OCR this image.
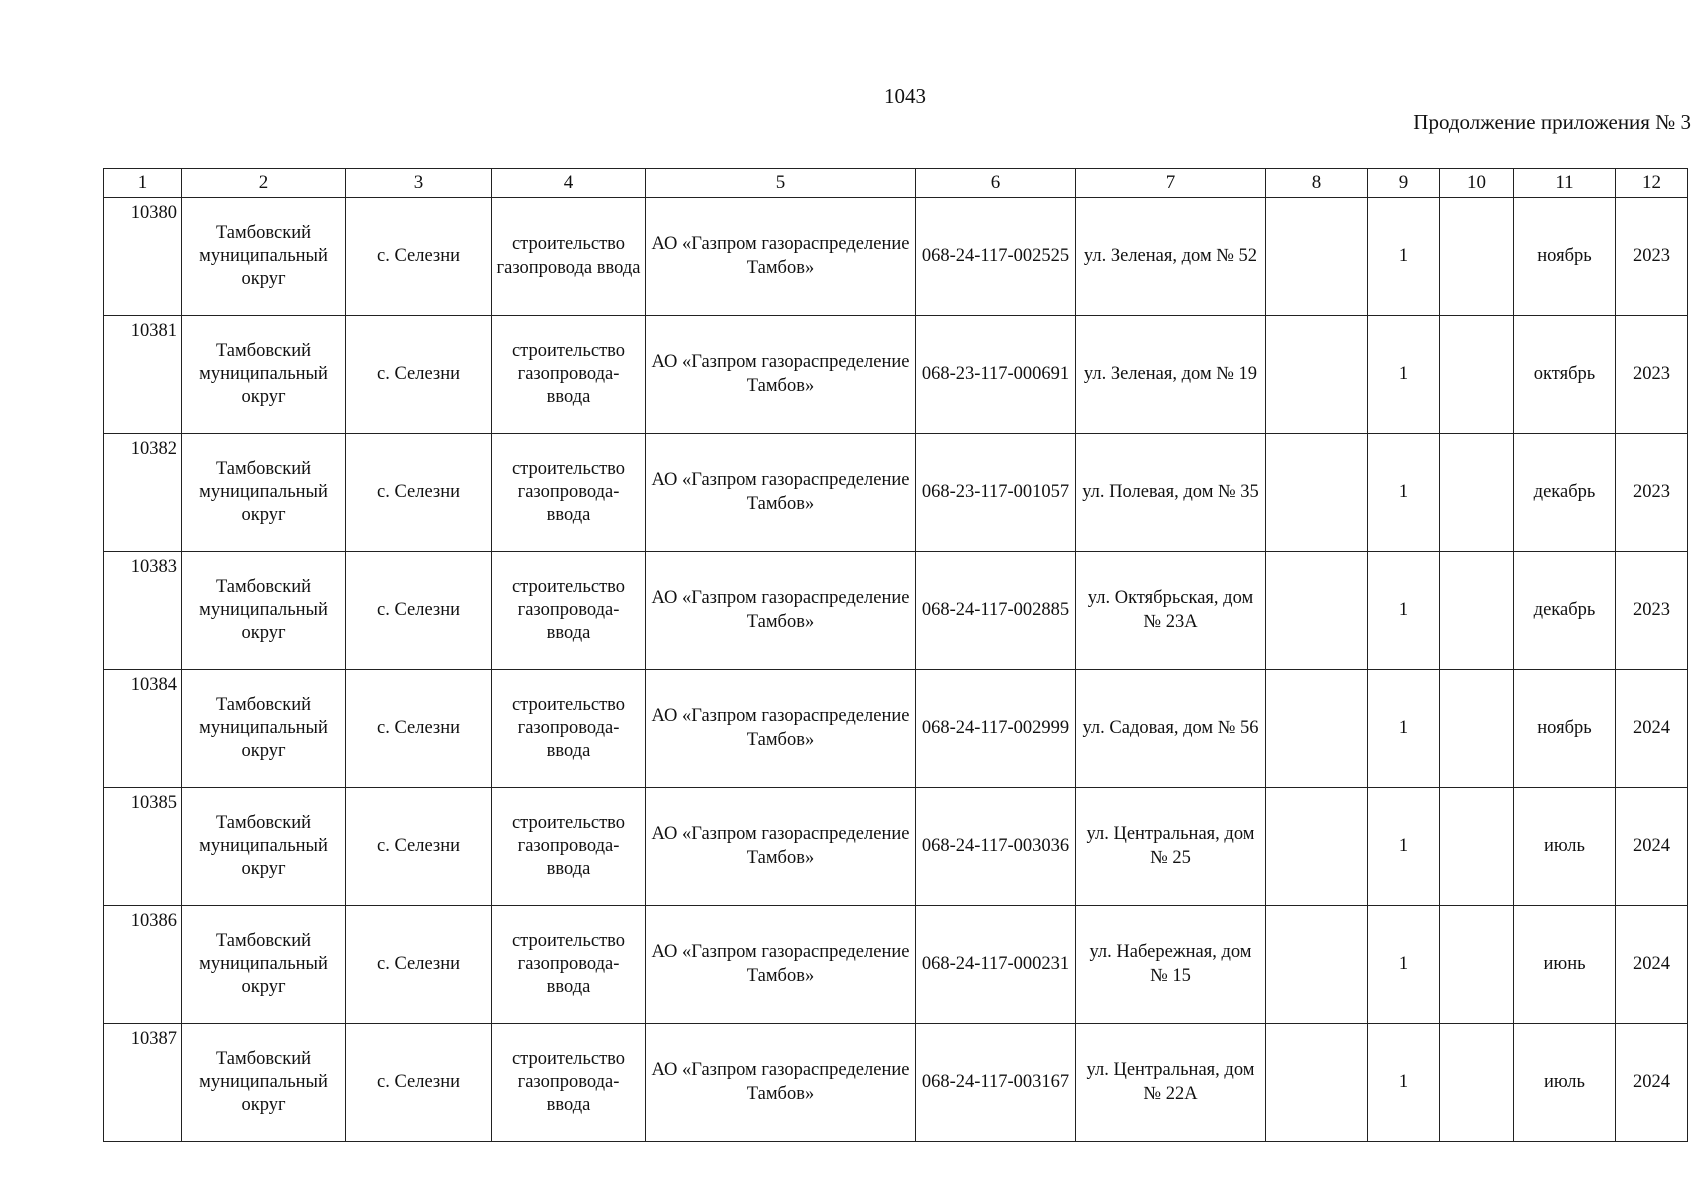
1043
Продолжение приложения № 3
1	2	3	4	5	6	7	8	9	10	11	12
10380	Тамбовский муниципальный округ	с. Селезни	строительство газопровода ввода	АО «Газпром газораспределение Тамбов»	068-24-117-002525	ул. Зеленая, дом № 52		1		ноябрь	2023
10381	Тамбовский муниципальный округ	с. Селезни	строительство газопровода-ввода	АО «Газпром газораспределение Тамбов»	068-23-117-000691	ул. Зеленая, дом № 19		1		октябрь	2023
10382	Тамбовский муниципальный округ	с. Селезни	строительство газопровода-ввода	АО «Газпром газораспределение Тамбов»	068-23-117-001057	ул. Полевая, дом № 35		1		декабрь	2023
10383	Тамбовский муниципальный округ	с. Селезни	строительство газопровода-ввода	АО «Газпром газораспределение Тамбов»	068-24-117-002885	ул. Октябрьская, дом № 23А		1		декабрь	2023
10384	Тамбовский муниципальный округ	с. Селезни	строительство газопровода-ввода	АО «Газпром газораспределение Тамбов»	068-24-117-002999	ул. Садовая, дом № 56		1		ноябрь	2024
10385	Тамбовский муниципальный округ	с. Селезни	строительство газопровода-ввода	АО «Газпром газораспределение Тамбов»	068-24-117-003036	ул. Центральная, дом № 25		1		июль	2024
10386	Тамбовский муниципальный округ	с. Селезни	строительство газопровода-ввода	АО «Газпром газораспределение Тамбов»	068-24-117-000231	ул. Набережная, дом № 15		1		июнь	2024
10387	Тамбовский муниципальный округ	с. Селезни	строительство газопровода-ввода	АО «Газпром газораспределение Тамбов»	068-24-117-003167	ул. Центральная, дом № 22А		1		июль	2024
